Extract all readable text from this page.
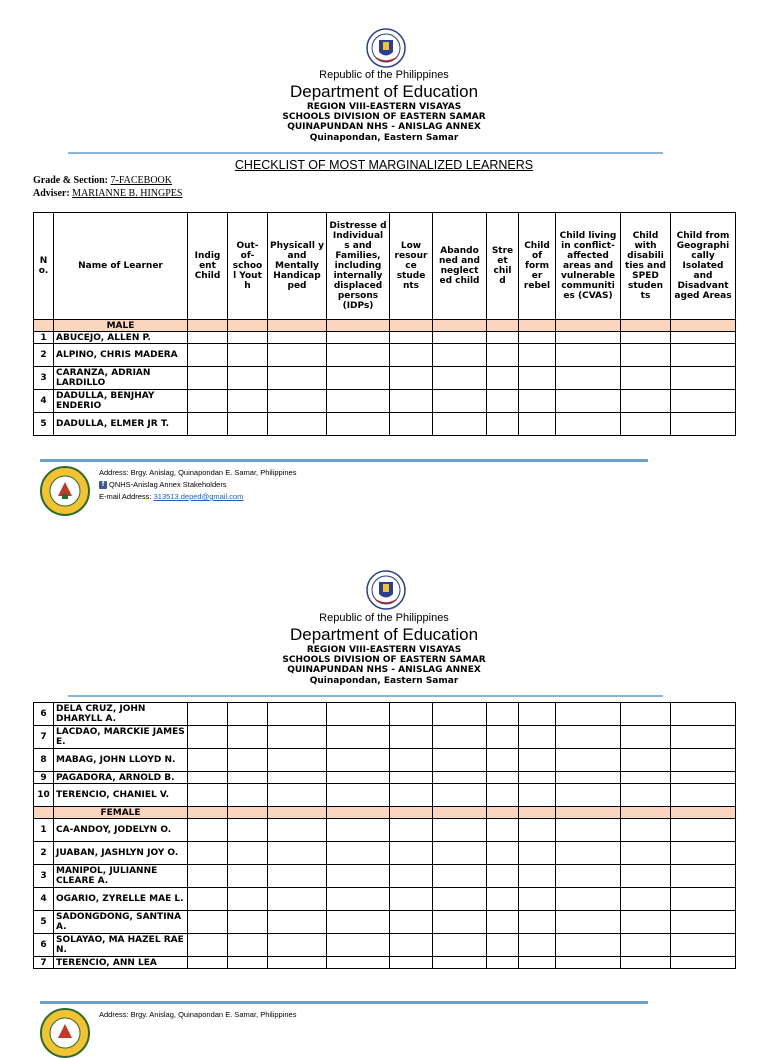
Republic of the Philippines
Department of Education
REGION VIII-EASTERN VISAYAS
SCHOOLS DIVISION OF EASTERN SAMAR
QUINAPUNDAN NHS - ANISLAG ANNEX
Quinapondan, Eastern Samar
CHECKLIST OF MOST MARGINALIZED LEARNERS
Grade & Section: 7-FACEBOOK
Adviser: MARIANNE B. HINGPES
N o.	Name of Learner	Indig ent Child	Out- of- schoo l Yout h	Physicall y and Mentally Handicap ped	Distresse d Individual s and Families, including internally displaced persons (IDPs)	Low resour ce stude nts	Abando ned and neglect ed child	Stre et chil d	Child of form er rebel	Child living in conflict- affected areas and vulnerable communiti es (CVAS)	Child with disabili ties and SPED studen ts	Child from Geographi cally Isolated and Disadvant aged Areas
	MALE											
1	ABUCEJO, ALLEN P.											
2	ALPINO, CHRIS MADERA											
3	CARANZA, ADRIAN LARDILLO											
4	DADULLA, BENJHAY ENDERIO											
5	DADULLA, ELMER JR T.											
Address: Brgy. Anislag, Quinapondan E. Samar, Philippines
f QNHS-Anislag Annex Stakeholders
E-mail Address: 313513.deped@gmail.com
Republic of the Philippines
Department of Education
REGION VIII-EASTERN VISAYAS
SCHOOLS DIVISION OF EASTERN SAMAR
QUINAPUNDAN NHS - ANISLAG ANNEX
Quinapondan, Eastern Samar
6	DELA CRUZ, JOHN DHARYLL A.											
7	LACDAO, MARCKIE JAMES E.											
8	MABAG, JOHN LLOYD N.											
9	PAGADORA, ARNOLD B.											
10	TERENCIO, CHANIEL V.											
	FEMALE											
1	CA-ANDOY, JODELYN O.											
2	JUABAN, JASHLYN JOY O.											
3	MANIPOL, JULIANNE CLEARE A.											
4	OGARIO, ZYRELLE MAE L.											
5	SADONGDONG, SANTINA A.											
6	SOLAYAO, MA HAZEL RAE N.											
7	TERENCIO, ANN LEA											
Address: Brgy. Anislag, Quinapondan E. Samar, Philippines
